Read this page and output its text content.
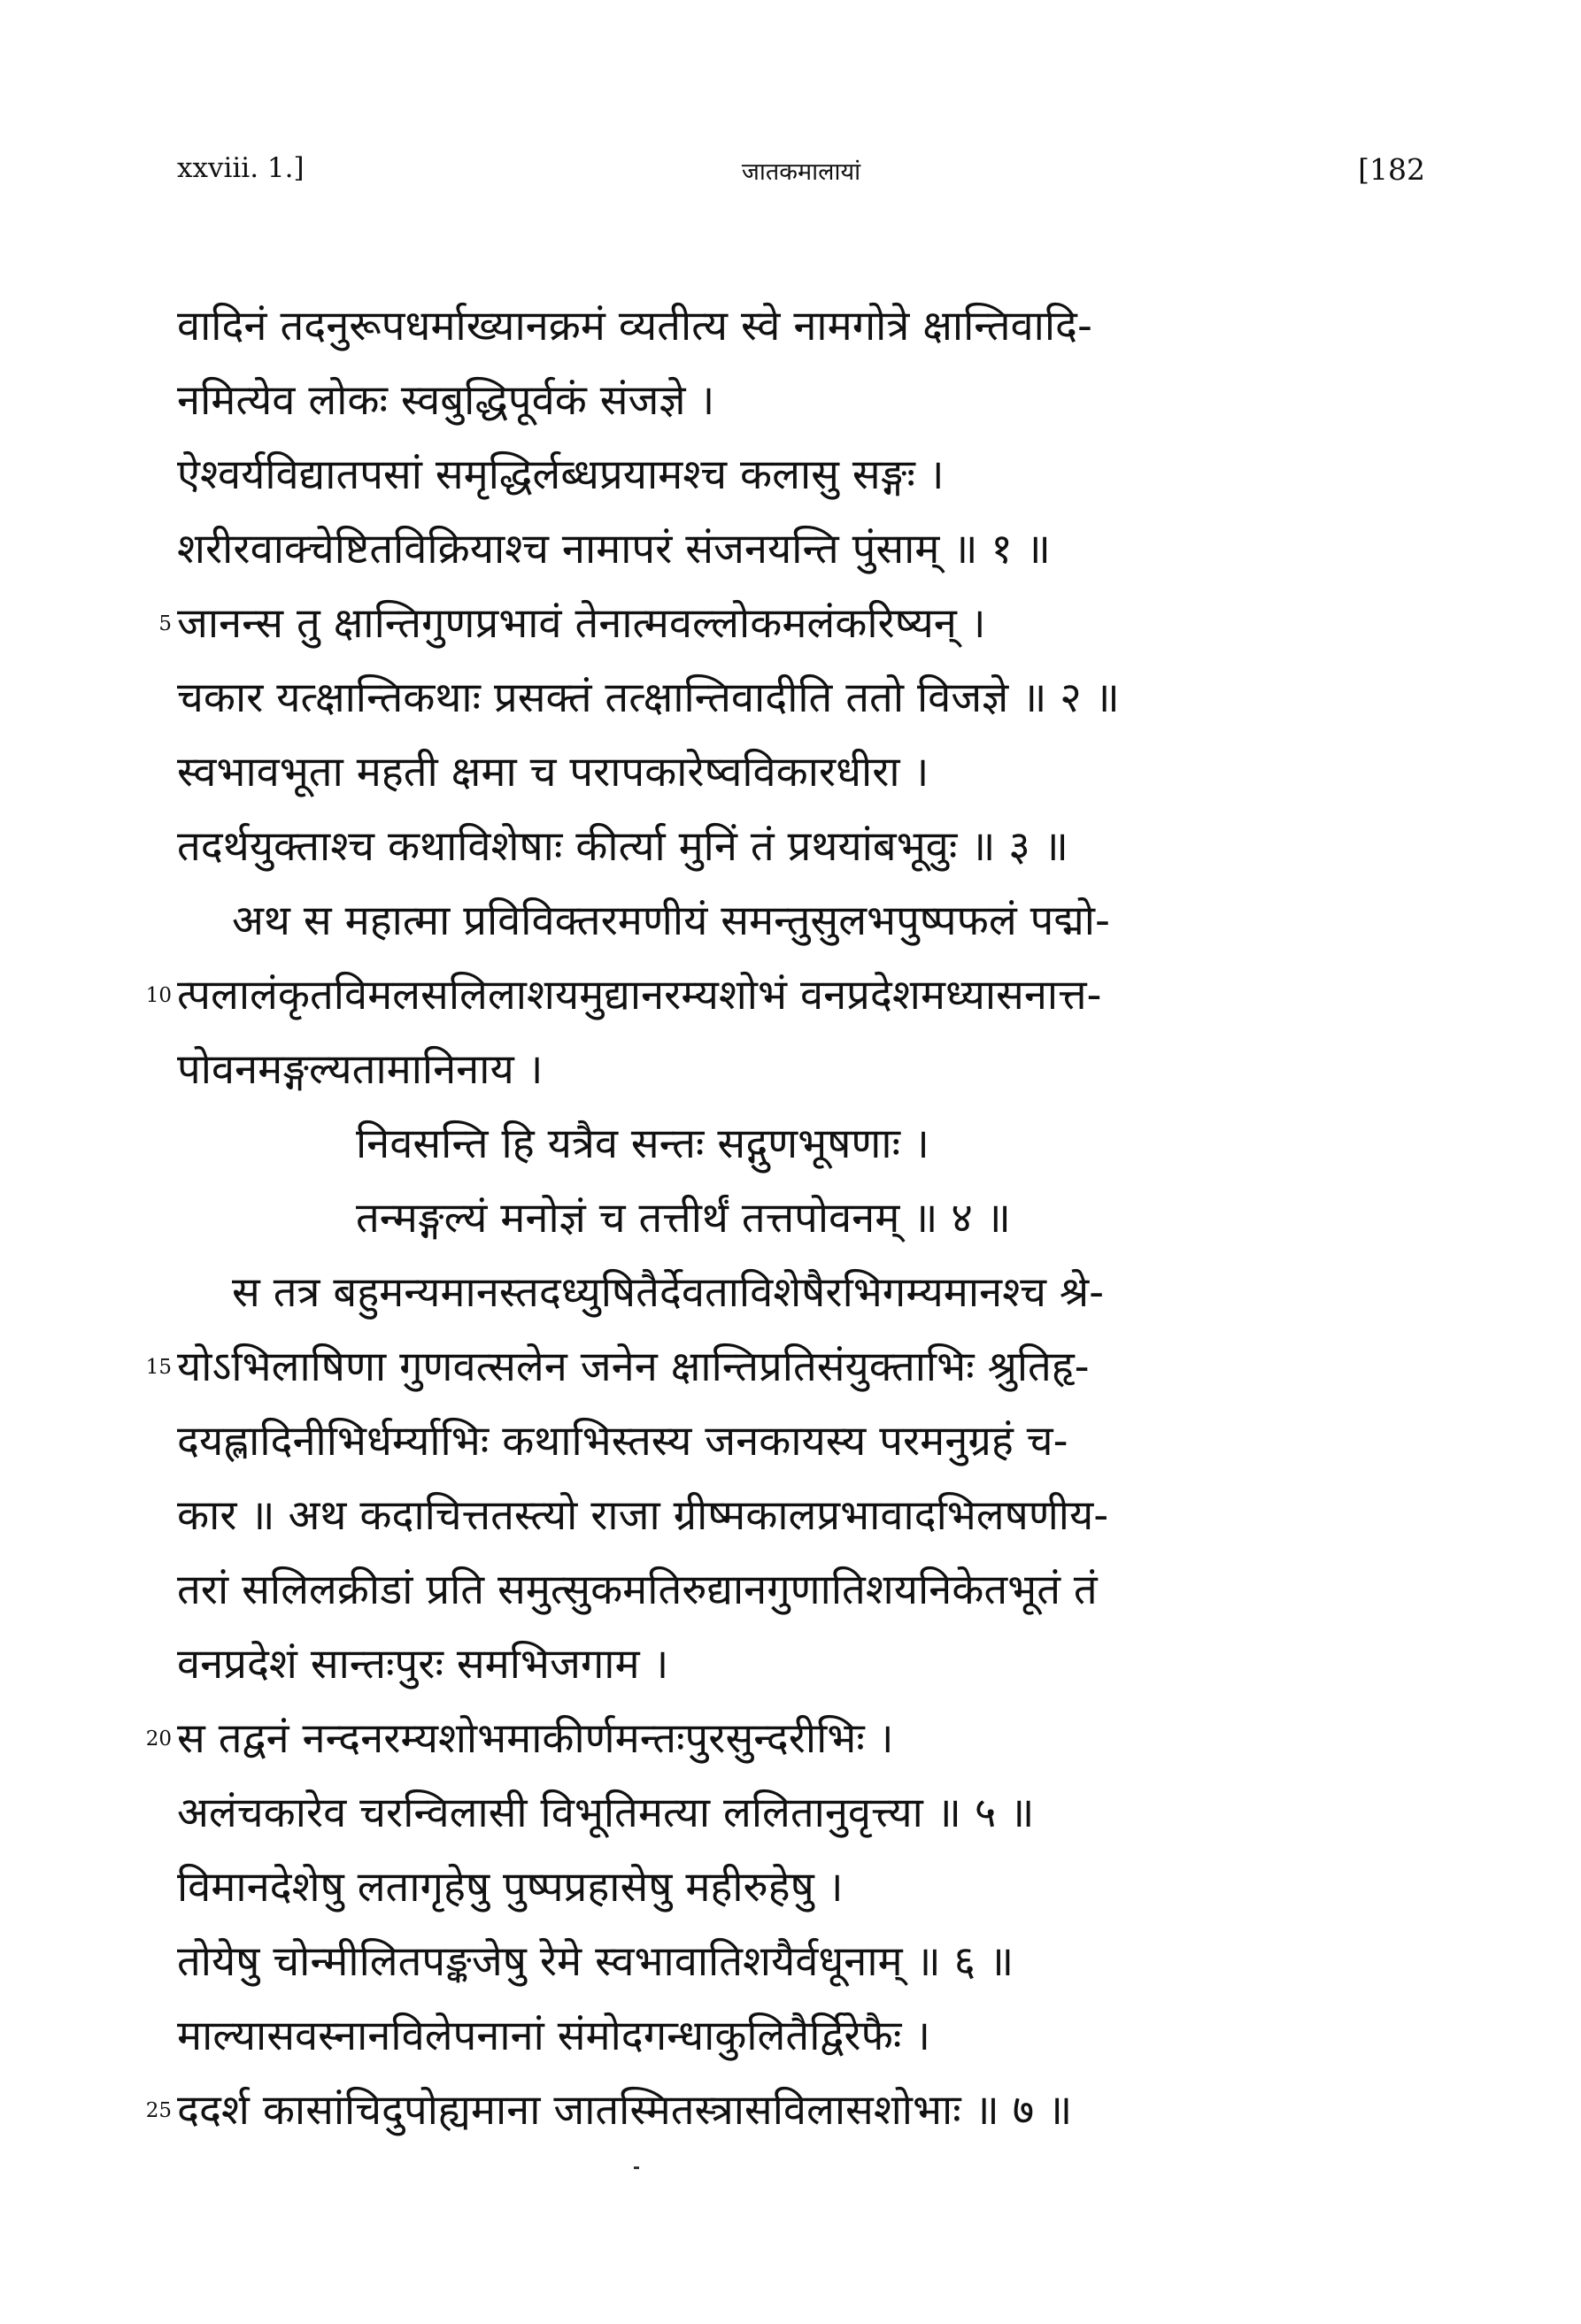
xxviii. 1.]	जातकमालायां	[182
वादिनं तदनुरूपधर्माख्यानक्रमं व्यतीत्य स्वे नामगोत्रे क्षान्तिवादि-
नमित्येव लोकः स्वबुद्धिपूर्वकं संजज्ञे ।
ऐश्वर्यविद्यातपसां समृद्धिर्लब्धप्रयामश्च कलासु सङ्गः ।
शरीरवाक्चेष्टितविक्रियाश्च नामापरं संजनयन्ति पुंसाम् ॥ १ ॥
5 जानन्स तु क्षान्तिगुणप्रभावं तेनात्मवल्लोकमलंकरिष्यन् ।
चकार यत्क्षान्तिकथाः प्रसक्तं तत्क्षान्तिवादीति ततो विजज्ञे ॥ २ ॥
स्वभावभूता महती क्षमा च परापकारेष्वविकारधीरा ।
तदर्थयुक्ताश्च कथाविशेषाः कीर्त्या मुनिं तं प्रथयांबभूवुः ॥ ३ ॥
अथ स महात्मा प्रविविक्तरमणीयं समन्तुसुलभपुष्पफलं पद्मो-
10 त्पलालंकृतविमलसलिलाशयमुद्यानरम्यशोभं वनप्रदेशमध्यासनात्त-
पोवनमङ्गल्यतामानिनाय ।
निवसन्ति हि यत्रैव सन्तः सद्गुणभूषणाः ।
तन्मङ्गल्यं मनोज्ञं च तत्तीर्थं तत्तपोवनम् ॥ ४ ॥
स तत्र बहुमन्यमानस्तदध्युषितैर्देवताविशेषैरभिगम्यमानश्च श्रे-
15 योऽभिलाषिणा गुणवत्सलेन जनेन क्षान्तिप्रतिसंयुक्ताभिः श्रुतिहृ-
दयह्लादिनीभिर्धर्म्याभिः कथाभिस्तस्य जनकायस्य परमनुग्रहं च-
कार ॥ अथ कदाचित्ततस्त्यो राजा ग्रीष्मकालप्रभावादभिलषणीय-
तरां सलिलक्रीडां प्रति समुत्सुकमतिरुद्यानगुणातिशयनिकेतभूतं तं
वनप्रदेशं सान्तःपुरः समभिजगाम ।
20 स तद्वनं नन्दनरम्यशोभमाकीर्णमन्तःपुरसुन्दरीभिः ।
अलंचकारेव चरन्विलासी विभूतिमत्या ललितानुवृत्त्या ॥ ५ ॥
विमानदेशेषु लतागृहेषु पुष्पप्रहासेषु महीरुहेषु ।
तोयेषु चोन्मीलितपङ्कजेषु रेमे स्वभावातिशयैर्वधूनाम् ॥ ६ ॥
माल्यासवस्नानविलेपनानां संमोदगन्धाकुलितैर्द्विरेफैः ।
25 ददर्श कासांचिदुपोह्यमाना जातस्मितस्त्रासविलासशोभाः ॥ ७ ॥
